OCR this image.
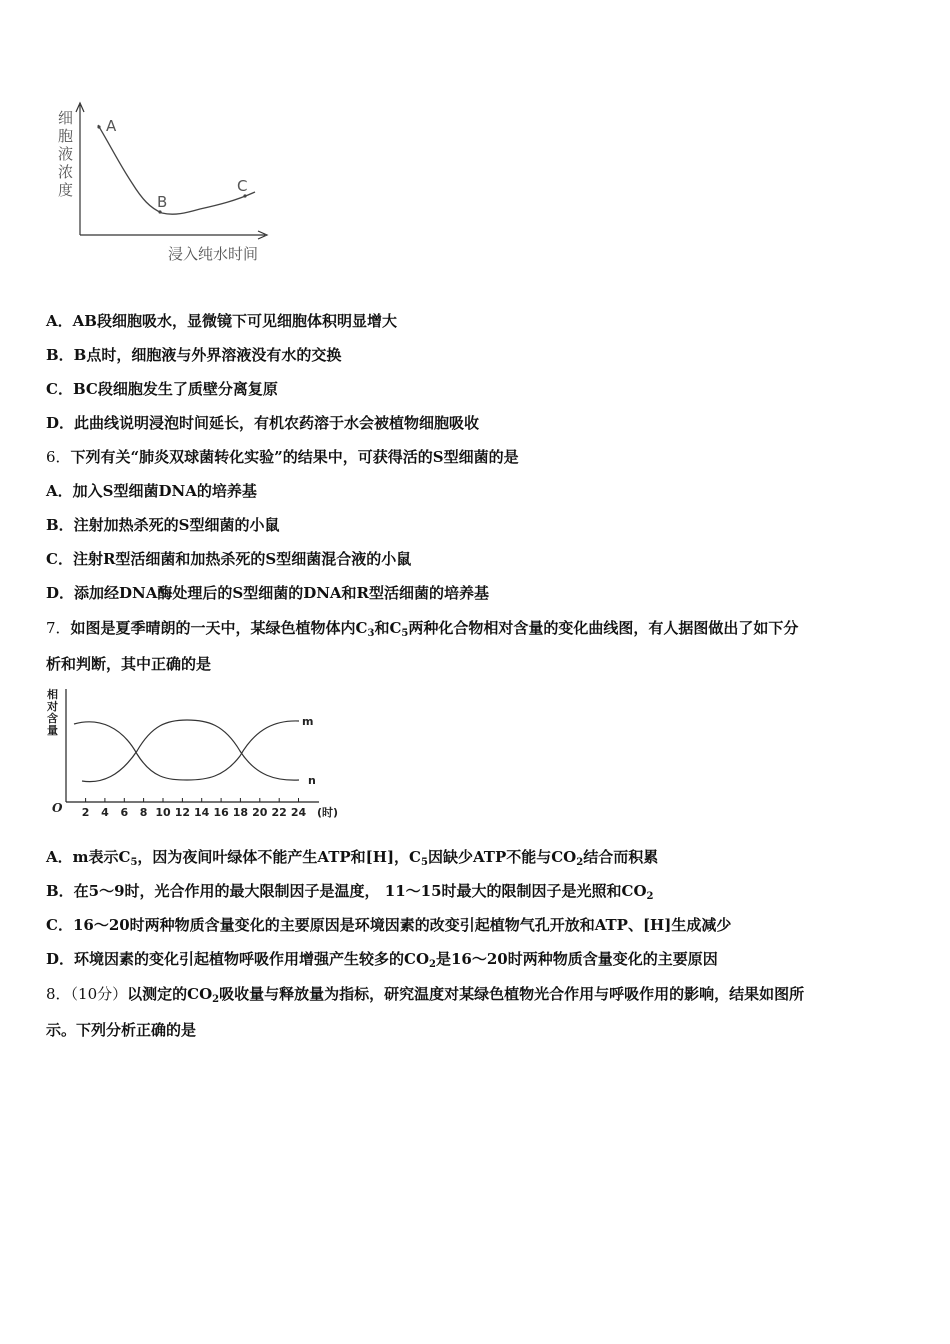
细
胞
液
浓
度
A
B
C
浸入纯水时间
A．AB段细胞吸水，显微镜下可见细胞体积明显增大
B．B点时，细胞液与外界溶液没有水的交换
C．BC段细胞发生了质壁分离复原
D．此曲线说明浸泡时间延长，有机农药溶于水会被植物细胞吸收
6．下列有关“肺炎双球菌转化实验”的结果中，可获得活的S型细菌的是
A．加入S型细菌DNA的培养基
B．注射加热杀死的S型细菌的小鼠
C．注射R型活细菌和加热杀死的S型细菌混合液的小鼠
D．添加经DNA酶处理后的S型细菌的DNA和R型活细菌的培养基
7．如图是夏季晴朗的一天中，某绿色植物体内$C_3$和$C_5$两种化合物相对含量的变化曲线图，有人据图做出了如下分
析和判断，其中正确的是
相
对
含
量
m
n
O 2 4 6 8 10 12 14 16 18 20 22 24 (时)
A．m表示$C_5$，因为夜间叶绿体不能产生ATP和[H]，$C_5$因缺少ATP不能与$CO_2$结合而积累
B．在5～9时，光合作用的最大限制因子是温度， 11～15时最大的限制因子是光照和$CO_2$
C．16～20时两种物质含量变化的主要原因是环境因素的改变引起植物气孔开放和ATP、[H]生成减少
D．环境因素的变化引起植物呼吸作用增强产生较多的$CO_2$是16～20时两种物质含量变化的主要原因
8．（10分）以测定的$CO_2$吸收量与释放量为指标，研究温度对某绿色植物光合作用与呼吸作用的影响，结果如图所
示。下列分析正确的是
